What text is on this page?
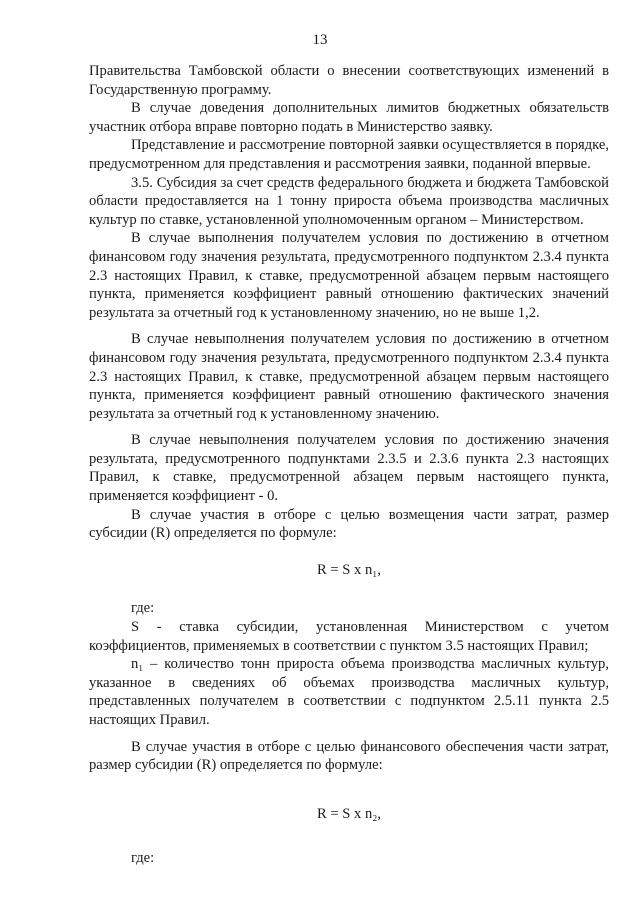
13

Правительства Тамбовской области о внесении соответствующих изменений в Государственную программу.

В случае доведения дополнительных лимитов бюджетных обязательств участник отбора вправе повторно подать в Министерство заявку.

Представление и рассмотрение повторной заявки осуществляется в порядке, предусмотренном для представления и рассмотрения заявки, поданной впервые.

3.5. Субсидия за счет средств федерального бюджета и бюджета Тамбовской области предоставляется на 1 тонну прироста объема производства масличных культур по ставке, установленной уполномоченным органом – Министерством.

В случае выполнения получателем условия по достижению в отчетном финансовом году значения результата, предусмотренного подпунктом 2.3.4 пункта 2.3 настоящих Правил, к ставке, предусмотренной абзацем первым настоящего пункта, применяется коэффициент равный отношению фактических значений результата за отчетный год к установленному значению, но не выше 1,2.

В случае невыполнения получателем условия по достижению в отчетном финансовом году значения результата, предусмотренного подпунктом 2.3.4 пункта 2.3 настоящих Правил, к ставке, предусмотренной абзацем первым настоящего пункта, применяется коэффициент равный отношению фактического значения результата за отчетный год к установленному значению.

В случае невыполнения получателем условия по достижению значения результата, предусмотренного подпунктами 2.3.5 и 2.3.6 пункта 2.3 настоящих Правил, к ставке, предусмотренной абзацем первым настоящего пункта, применяется коэффициент - 0.

В случае участия в отборе с целью возмещения части затрат, размер субсидии (R) определяется по формуле:

R = S x n₁,

где:

S - ставка субсидии, установленная Министерством с учетом коэффициентов, применяемых в соответствии с пунктом 3.5 настоящих Правил;

n₁ – количество тонн прироста объема производства масличных культур, указанное в сведениях об объемах производства масличных культур, представленных получателем в соответствии с подпунктом 2.5.11 пункта 2.5 настоящих Правил.

В случае участия в отборе с целью финансового обеспечения части затрат, размер субсидии (R) определяется по формуле:

R = S x n₂,

где:
